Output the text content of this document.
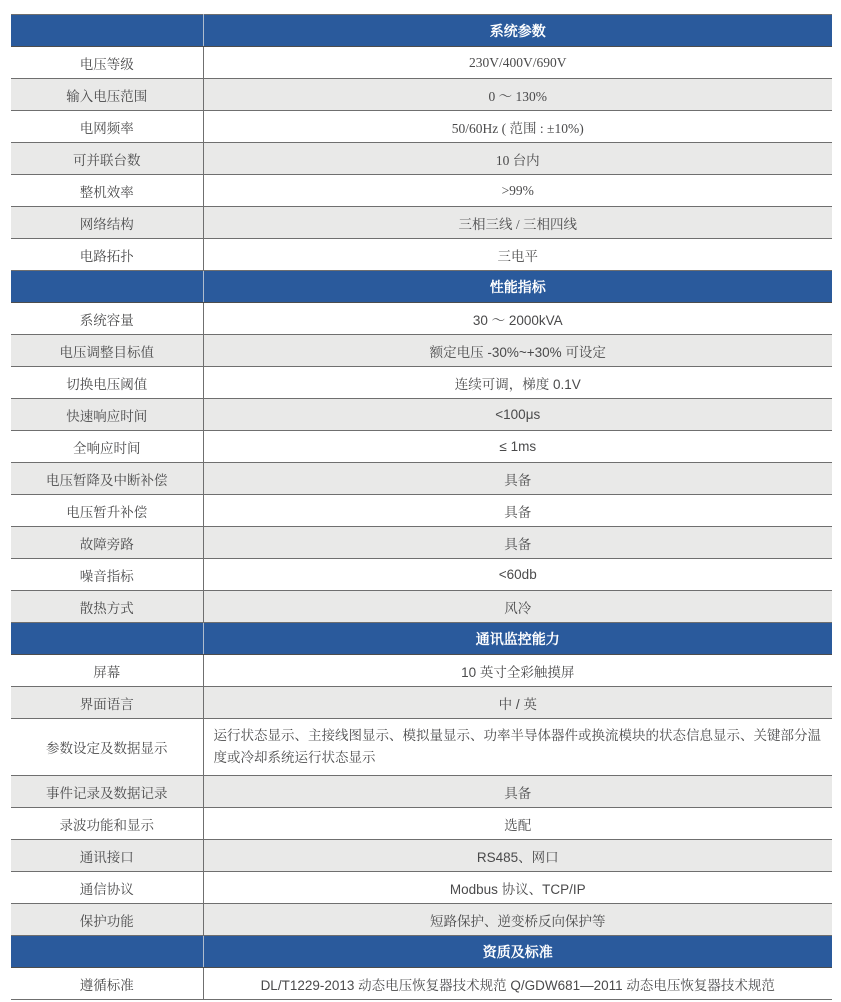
	系统参数
电压等级	230V/400V/690V
输入电压范围	0 ～ 130%
电网频率	50/60Hz ( 范围 : ±10%)
可并联台数	10 台内
整机效率	>99%
网络结构	三相三线 / 三相四线
电路拓扑	三电平
	性能指标
系统容量	30 ～ 2000kVA
电压调整目标值	额定电压 -30%~+30% 可设定
切换电压阈值	连续可调，梯度 0.1V
快速响应时间	<100μs
全响应时间	≤ 1ms
电压暂降及中断补偿	具备
电压暂升补偿	具备
故障旁路	具备
噪音指标	<60db
散热方式	风冷
	通讯监控能力
屏幕	10 英寸全彩触摸屏
界面语言	中 / 英
参数设定及数据显示	运行状态显示、主接线图显示、模拟量显示、功率半导体器件或换流模块的状态信息显示、关键部分温度或冷却系统运行状态显示
事件记录及数据记录	具备
录波功能和显示	选配
通讯接口	RS485、网口
通信协议	Modbus 协议、TCP/IP
保护功能	短路保护、逆变桥反向保护等
	资质及标准
遵循标准	DL/T1229-2013 动态电压恢复器技术规范 Q/GDW681—2011 动态电压恢复器技术规范
